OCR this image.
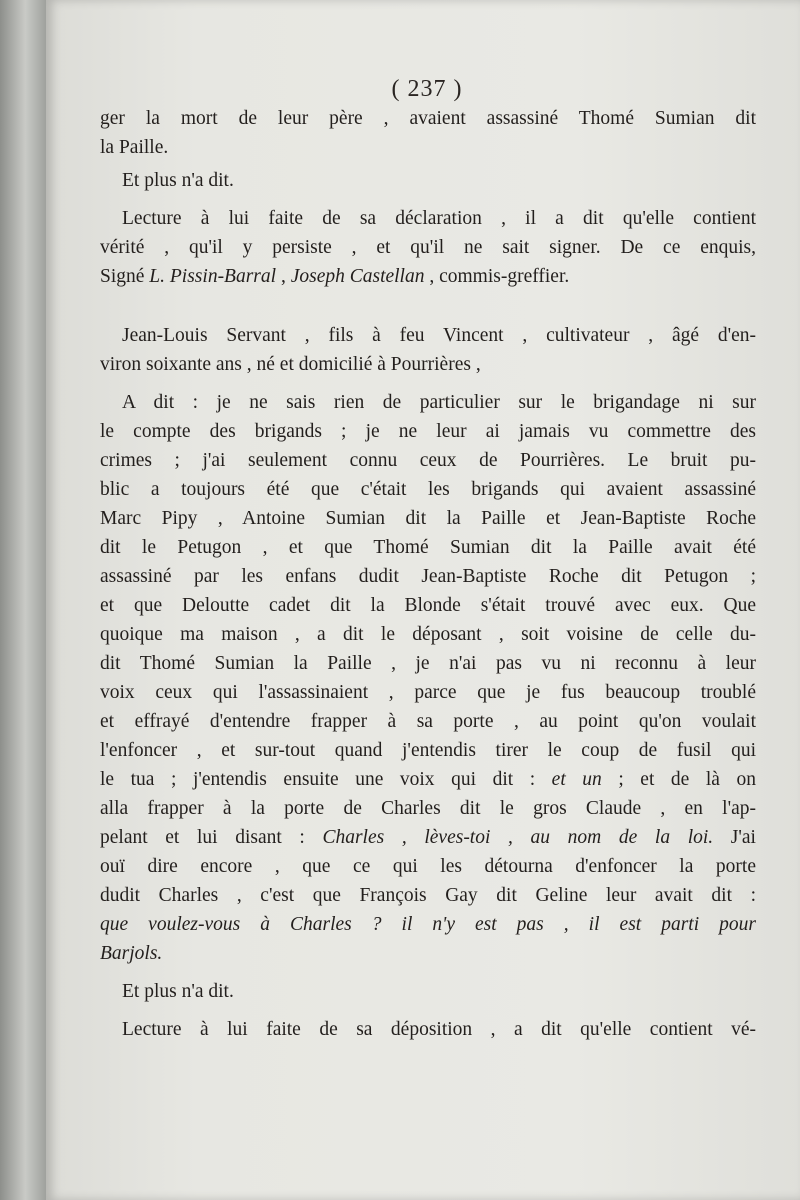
( 237 )
ger la mort de leur père , avaient assassiné Thomé Sumian dit
la Paille.
Et plus n'a dit.
Lecture à lui faite de sa déclaration , il a dit qu'elle contient
vérité , qu'il y persiste , et qu'il ne sait signer. De ce enquis,
Signé L. Pissin-Barral , Joseph Castellan , commis-greffier.
Jean-Louis Servant , fils à feu Vincent , cultivateur , âgé d'en-
viron soixante ans , né et domicilié à Pourrières ,
A dit : je ne sais rien de particulier sur le brigandage ni sur
le compte des brigands ; je ne leur ai jamais vu commettre des
crimes ; j'ai seulement connu ceux de Pourrières. Le bruit pu-
blic a toujours été que c'était les brigands qui avaient assassiné
Marc Pipy , Antoine Sumian dit la Paille et Jean-Baptiste Roche
dit le Petugon , et que Thomé Sumian dit la Paille avait été
assassiné par les enfans dudit Jean-Baptiste Roche dit Petugon ;
et que Deloutte cadet dit la Blonde s'était trouvé avec eux. Que
quoique ma maison , a dit le déposant , soit voisine de celle du-
dit Thomé Sumian la Paille , je n'ai pas vu ni reconnu à leur
voix ceux qui l'assassinaient , parce que je fus beaucoup troublé
et effrayé d'entendre frapper à sa porte , au point qu'on voulait
l'enfoncer , et sur-tout quand j'entendis tirer le coup de fusil qui
le tua ; j'entendis ensuite une voix qui dit : et un ; et de là on
alla frapper à la porte de Charles dit le gros Claude , en l'ap-
pelant et lui disant : Charles , lèves-toi , au nom de la loi. J'ai
ouï dire encore , que ce qui les détourna d'enfoncer la porte
dudit Charles , c'est que François Gay dit Geline leur avait dit :
que voulez-vous à Charles ? il n'y est pas , il est parti pour
Barjols.
Et plus n'a dit.
Lecture à lui faite de sa déposition , a dit qu'elle contient vé-
